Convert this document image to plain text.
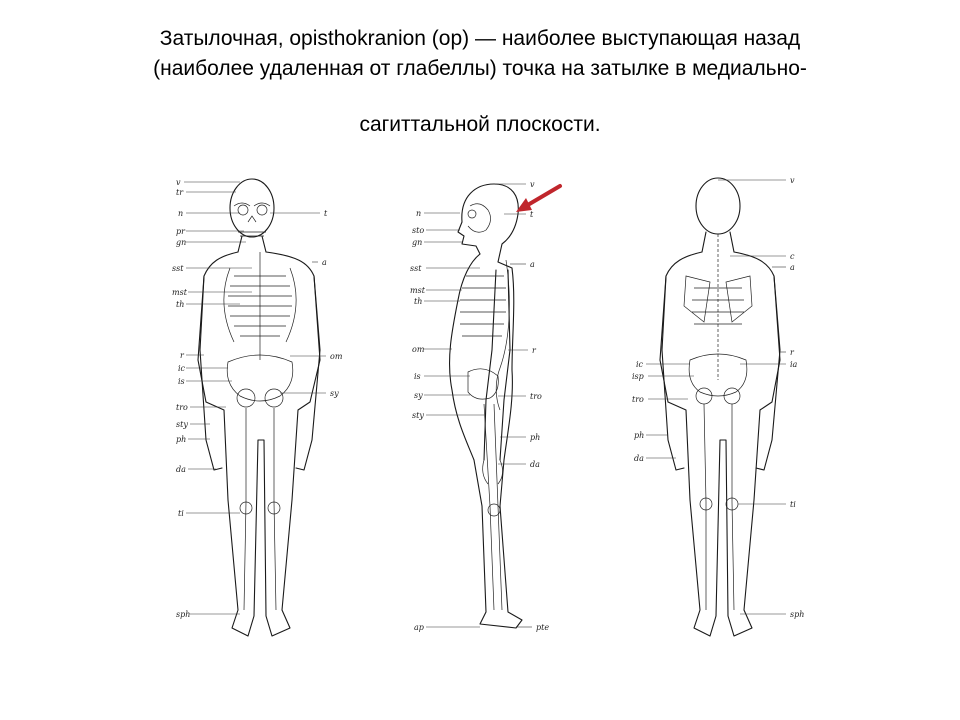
Затылочная, opisthokranion (op) — наиболее выступающая назад
(наиболее удаленная от глабеллы) точка на затылке в медиально-
сагиттальной плоскости.
v
tr
n
pr
gn
sst
mst
th
r
ic
is
tro
sty
ph
da
ti
sph
t
a
om
sy
n
sto
gn
sst
mst
th
om
is
sy
sty
ap
v
t
a
r
tro
ph
da
pte
ic
isp
tro
ph
da
v
c
a
r
ia
ti
sph
